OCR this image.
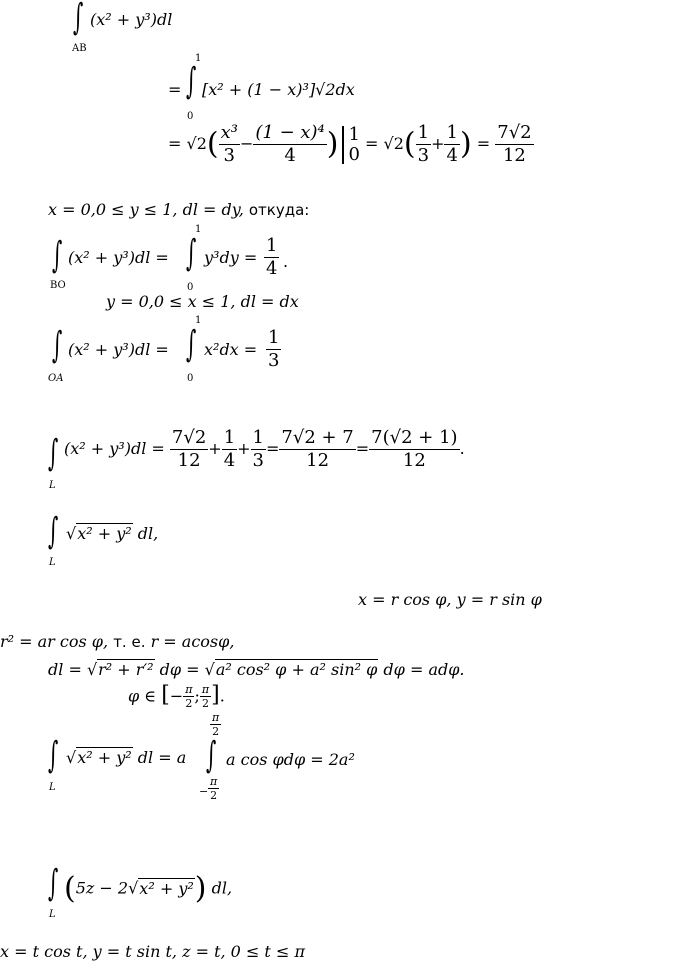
∫
AB
(x² + y³)dl
1
= ∫
0
[x² + (1 − x)³]√2dx
= $√2( \frac{\text{x³}}{3} - \frac{\text{(1 − x)⁴}}{4}$ ) 1
$0 = √2( \frac{1}{3} + \frac{1}{4}$ ) = $\frac{7√2}{12}$
x = 0,0 ≤ y ≤ 1, dl = dy, откуда:
∫
BO
1
0
∫
$(x^2 + y^3)dl = y^3dy = \frac{1}{4}$ .
y = 0,0 ≤ x ≤ 1, dl = dx
∫
OA
1
0
∫
$(x^2 + y^3)dl = x^2dx = \frac{1}{3}$
∫
L
$(x^2 + y^3)dl = \frac{7√2}{12} + \frac{1}{4} + \frac{1}{3} = \frac{7√2 + 7}{12} = \frac{7(√2 + 1)}{12}$ .
∫
L
√x² + y² dl,
x = r cos φ, y = r sin φ
r² = ar cos φ, т. е. r = acosφ,
dl = √r² + r′² dφ = √a² cos² φ + a² sin² φ dφ = adφ.
φ ∈ [− $\frac{\pi}{2}$ ; $\frac{\pi}{2}$ ].
∫
L
√x² + y² dl = a
$\frac{\pi}{2}$
∫
− $\frac{\pi}{2}$
a cos φdφ = 2a²
∫
L
(5z − 2√x² + y²) dl,
x = t cos t, y = t sin t, z = t, 0 ≤ t ≤ π
